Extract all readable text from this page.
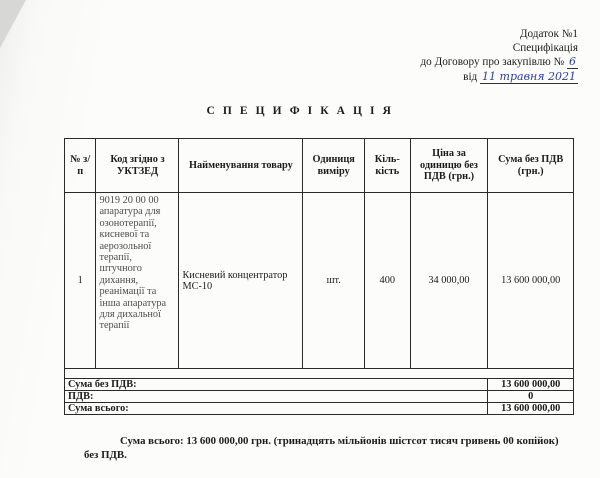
Додаток №1
Специфікація
до Договору про закупівлю № 6
від 11 травня 2021
С П Е Ц И Ф І К А Ц І Я
№ з/п	Код згідно з УКТЗЕД	Найменування товару	Одиниця виміру	Кіль-кість	Ціна за одиницю без ПДВ (грн.)	Сума без ПДВ (грн.)
1	9019 20 00 00 апаратура для озонотерапії, кисневої та аерозольної терапії, штучного дихання, реанімації та інша апаратура для дихальної терапії	Кисневий концентратор МС-10	шт.	400	34 000,00	13 600 000,00

Сума без ПДВ:						13 600 000,00
ПДВ:						0
Сума всього:						13 600 000,00
Сума всього: 13 600 000,00 грн. (тринадцять мільйонів шістсот тисяч гривень 00 копійок) без ПДВ.
